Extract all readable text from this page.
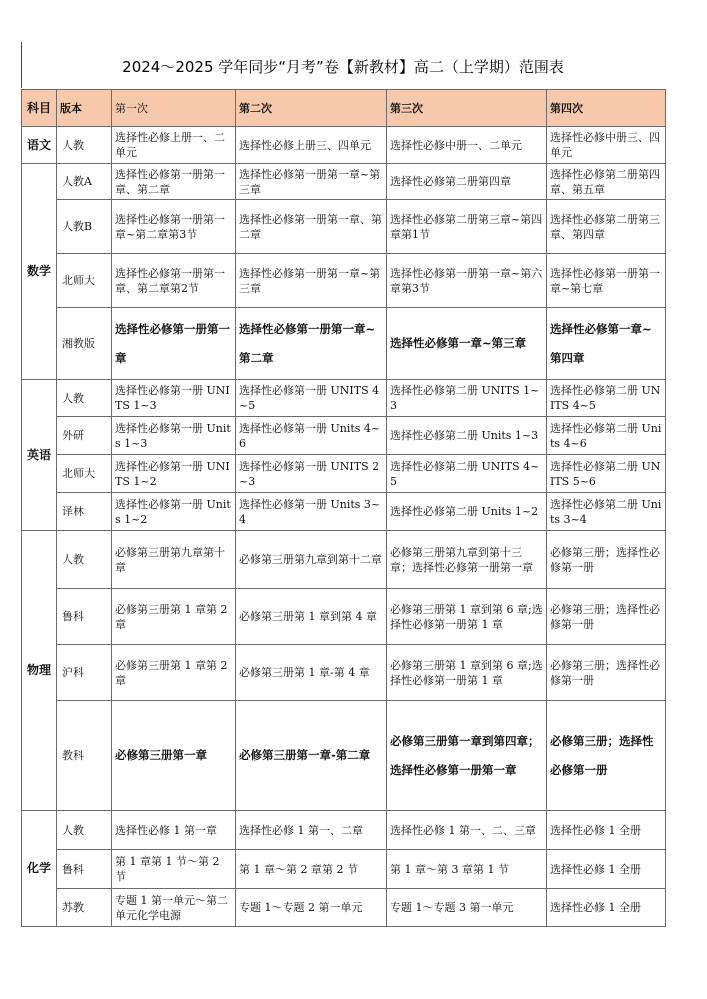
2024～2025 学年同步“月考”卷【新教材】高二（上学期）范围表
科目	版本	第一次	第二次	第三次	第四次
语文	人教	选择性必修上册一、二单元	选择性必修上册三、四单元	选择性必修中册一、二单元	选择性必修中册三、四单元
数学	人教A	选择性必修第一册第一章、第二章	选择性必修第一册第一章~第三章	选择性必修第二册第四章	选择性必修第二册第四章、第五章
	人教B	选择性必修第一册第一章~第二章第3节	选择性必修第一册第一章、第二章	选择性必修第二册第三章~第四章第1节	选择性必修第二册第三章、第四章
	北师大	选择性必修第一册第一章、第二章第2节	选择性必修第一册第一章~第三章	选择性必修第一册第一章~第六章第3节	选择性必修第一册第一章~第七章
	湘教版	选择性必修第一册第一章	选择性必修第一册第一章~第二章	选择性必修第一章~第三章	选择性必修第一章~第四章
英语	人教	选择性必修第一册 UNITS 1~3	选择性必修第一册 UNITS 4~5	选择性必修第二册 UNITS 1~3	选择性必修第二册 UNITS 4~5
	外研	选择性必修第一册 Units 1~3	选择性必修第一册 Units 4~6	选择性必修第二册 Units 1~3	选择性必修第二册 Units 4~6
	北师大	选择性必修第一册 UNITS 1~2	选择性必修第一册 UNITS 2~3	选择性必修第二册 UNITS 4~5	选择性必修第二册 UNITS 5~6
	译林	选择性必修第一册 Units 1~2	选择性必修第一册 Units 3~4	选择性必修第二册 Units 1~2	选择性必修第二册 Units 3~4
物理	人教	必修第三册第九章第十章	必修第三册第九章到第十二章	必修第三册第九章到第十三章；选择性必修第一册第一章	必修第三册；选择性必修第一册
	鲁科	必修第三册第 1 章第 2 章	必修第三册第 1 章到第 4 章	必修第三册第 1 章到第 6 章;选择性必修第一册第 1 章	必修第三册；选择性必修第一册
	沪科	必修第三册第 1 章第 2 章	必修第三册第 1 章-第 4 章	必修第三册第 1 章到第 6 章;选择性必修第一册第 1 章	必修第三册；选择性必修第一册
	教科	必修第三册第一章	必修第三册第一章-第二章	必修第三册第一章到第四章；选择性必修第一册第一章	必修第三册；选择性必修第一册
化学	人教	选择性必修 1 第一章	选择性必修 1 第一、二章	选择性必修 1 第一、二、三章	选择性必修 1 全册
	鲁科	第 1 章第 1 节～第 2 节	第 1 章～第 2 章第 2 节	第 1 章～第 3 章第 1 节	选择性必修 1 全册
	苏教	专题 1 第一单元～第二单元化学电源	专题 1～专题 2 第一单元	专题 1～专题 3 第一单元	选择性必修 1 全册
